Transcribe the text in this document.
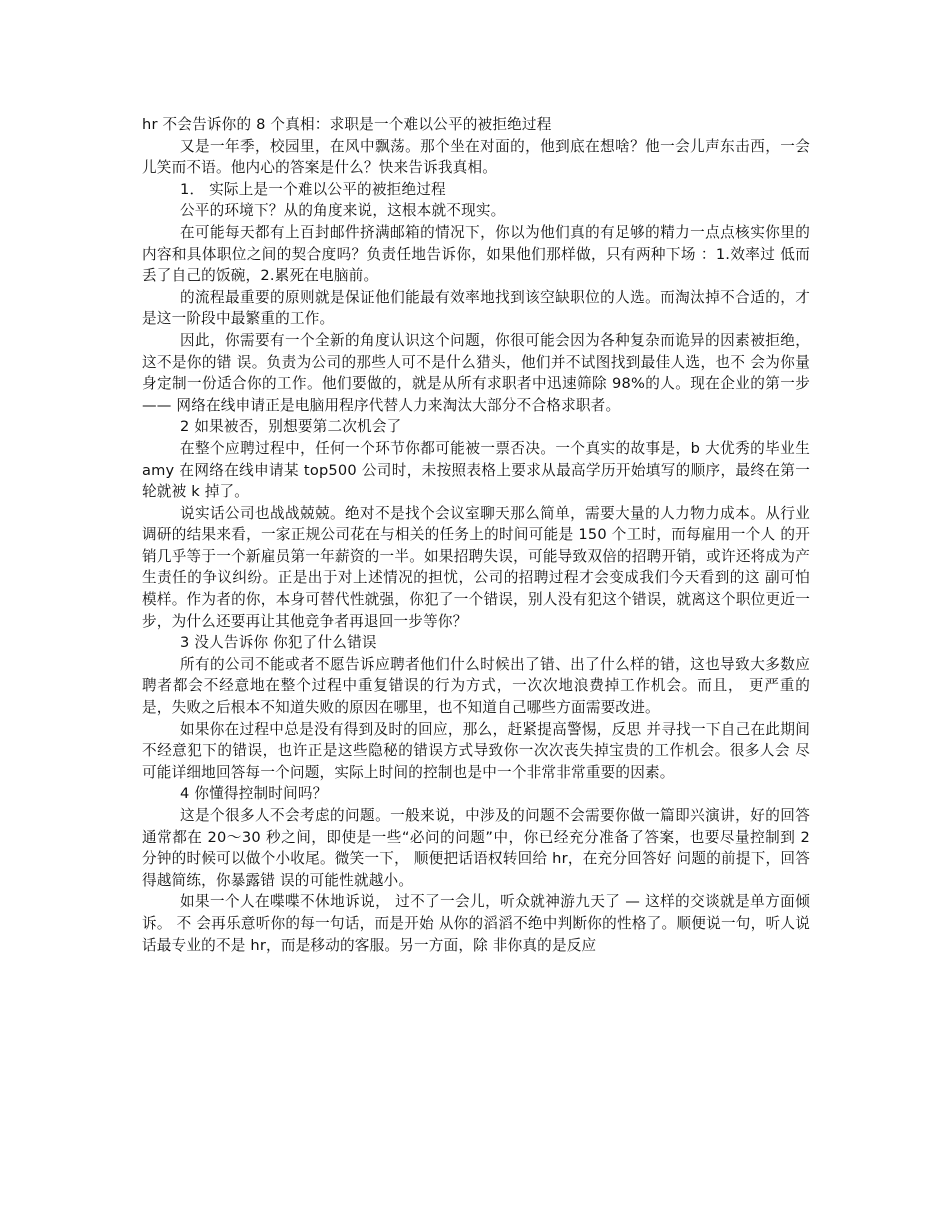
hr 不会告诉你的 8 个真相：求职是一个难以公平的被拒绝过程

又是一年季，校园里，在风中飘荡。那个坐在对面的，他到底在想啥？他一会儿声东击西，一会儿笑而不语。他内心的答案是什么？快来告诉我真相。

1． 实际上是一个难以公平的被拒绝过程

公平的环境下？从的角度来说，这根本就不现实。

在可能每天都有上百封邮件挤满邮箱的情况下，你以为他们真的有足够的精力一点点核实你里的内容和具体职位之间的契合度吗？负责任地告诉你，如果他们那样做，只有两种下场 ：1.效率过 低而丢了自己的饭碗，2.累死在电脑前。

的流程最重要的原则就是保证他们能最有效率地找到该空缺职位的人选。而淘汰掉不合适的，才是这一阶段中最繁重的工作。

因此，你需要有一个全新的角度认识这个问题，你很可能会因为各种复杂而诡异的因素被拒绝，这不是你的错 误。负责为公司的那些人可不是什么猎头，他们并不试图找到最佳人选，也不 会为你量身定制一份适合你的工作。他们要做的，就是从所有求职者中迅速筛除 98%的人。现在企业的第一步—— 网络在线申请正是电脑用程序代替人力来淘汰大部分不合格求职者。

2 如果被否，别想要第二次机会了

在整个应聘过程中，任何一个环节你都可能被一票否决。一个真实的故事是，b 大优秀的毕业生 amy 在网络在线申请某 top500 公司时，未按照表格上要求从最高学历开始填写的顺序，最终在第一轮就被 k 掉了。

说实话公司也战战兢兢。绝对不是找个会议室聊天那么简单，需要大量的人力物力成本。从行业调研的结果来看，一家正规公司花在与相关的任务上的时间可能是 150 个工时，而每雇用一个人 的开销几乎等于一个新雇员第一年薪资的一半。如果招聘失误，可能导致双倍的招聘开销，或许还将成为产生责任的争议纠纷。正是出于对上述情况的担忧，公司的招聘过程才会变成我们今天看到的这 副可怕模样。作为者的你，本身可替代性就强，你犯了一个错误，别人没有犯这个错误，就离这个职位更近一步，为什么还要再让其他竞争者再退回一步等你？

3 没人告诉你 你犯了什么错误

所有的公司不能或者不愿告诉应聘者他们什么时候出了错、出了什么样的错，这也导致大多数应聘者都会不经意地在整个过程中重复错误的行为方式，一次次地浪费掉工作机会。而且， 更严重的是，失败之后根本不知道失败的原因在哪里，也不知道自己哪些方面需要改进。

如果你在过程中总是没有得到及时的回应，那么，赶紧提高警惕，反思 并寻找一下自己在此期间不经意犯下的错误，也许正是这些隐秘的错误方式导致你一次次丧失掉宝贵的工作机会。很多人会 尽可能详细地回答每一个问题，实际上时间的控制也是中一个非常非常重要的因素。

4 你懂得控制时间吗？

这是个很多人不会考虑的问题。一般来说，中涉及的问题不会需要你做一篇即兴演讲，好的回答通常都在 20～30 秒之间，即使是一些“必问的问题”中，你已经充分准备了答案，也要尽量控制到 2 分钟的时候可以做个小收尾。微笑一下， 顺便把话语权转回给 hr，在充分回答好 问题的前提下，回答得越简练，你暴露错 误的可能性就越小。

如果一个人在喋喋不休地诉说， 过不了一会儿，听众就神游九天了 — 这样的交谈就是单方面倾诉。 不 会再乐意听你的每一句话，而是开始 从你的滔滔不绝中判断你的性格了。顺便说一句，听人说话最专业的不是 hr，而是移动的客服。另一方面，除 非你真的是反应
